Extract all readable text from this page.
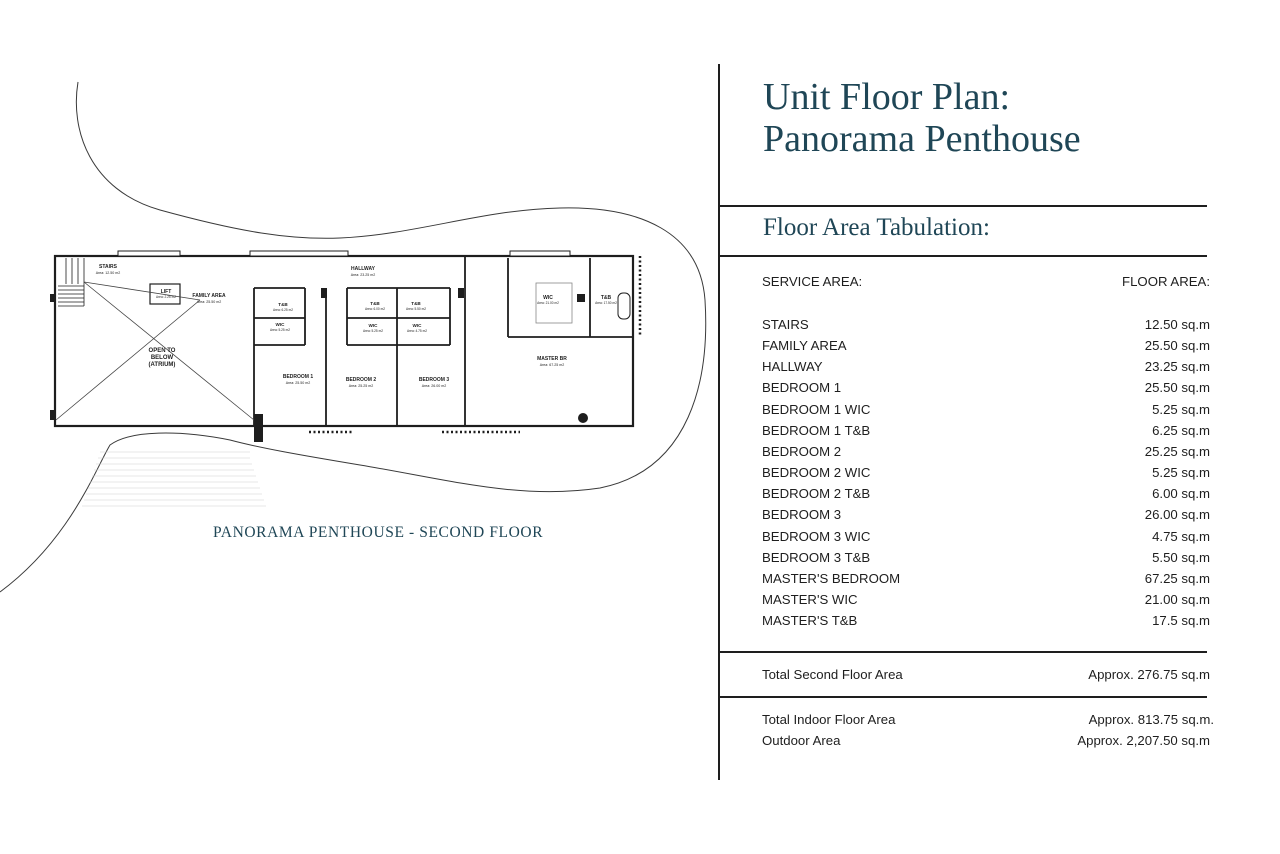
STAIRS
Area: 12.50 m2
LIFT
Area: 2.25 m2	FAMILY AREA
Area: 25.50 m2
HALLWAY
Area: 23.25 m2
OPEN TO
BELOW
(ATRIUM)
T&B
Area: 6.25 m2
WIC
Area: 5.25 m2
T&B
Area: 6.00 m2
WIC
Area: 5.25 m2
T&B
Area: 5.50 m2
WIC
Area: 4.75 m2
BEDROOM 1
Area: 25.50 m2	BEDROOM 2
Area: 25.25 m2
BEDROOM 3
Area: 26.00 m2
WIC
Area: 21.00 m2
T&B
Area: 17.50 m2
MASTER BR
Area: 67.25 m2
PANORAMA PENTHOUSE - SECOND FLOOR
Unit Floor Plan:
Panorama Penthouse
Floor Area Tabulation:
SERVICE AREA:	FLOOR AREA:
STAIRS	12.50 sq.m
FAMILY AREA	25.50 sq.m
HALLWAY	23.25 sq.m
BEDROOM 1	25.50 sq.m
BEDROOM 1 WIC	5.25 sq.m
BEDROOM 1 T&B	6.25 sq.m
BEDROOM 2	25.25 sq.m
BEDROOM 2 WIC	5.25 sq.m
BEDROOM 2 T&B	6.00 sq.m
BEDROOM 3	26.00 sq.m
BEDROOM 3 WIC	4.75 sq.m
BEDROOM 3 T&B	5.50 sq.m
MASTER'S BEDROOM	67.25 sq.m
MASTER'S WIC	21.00 sq.m
MASTER'S T&B	17.5 sq.m
Total Second Floor Area	Approx. 276.75 sq.m
Total Indoor Floor Area	Approx. 813.75 sq.m.
Outdoor Area	Approx. 2,207.50 sq.m
